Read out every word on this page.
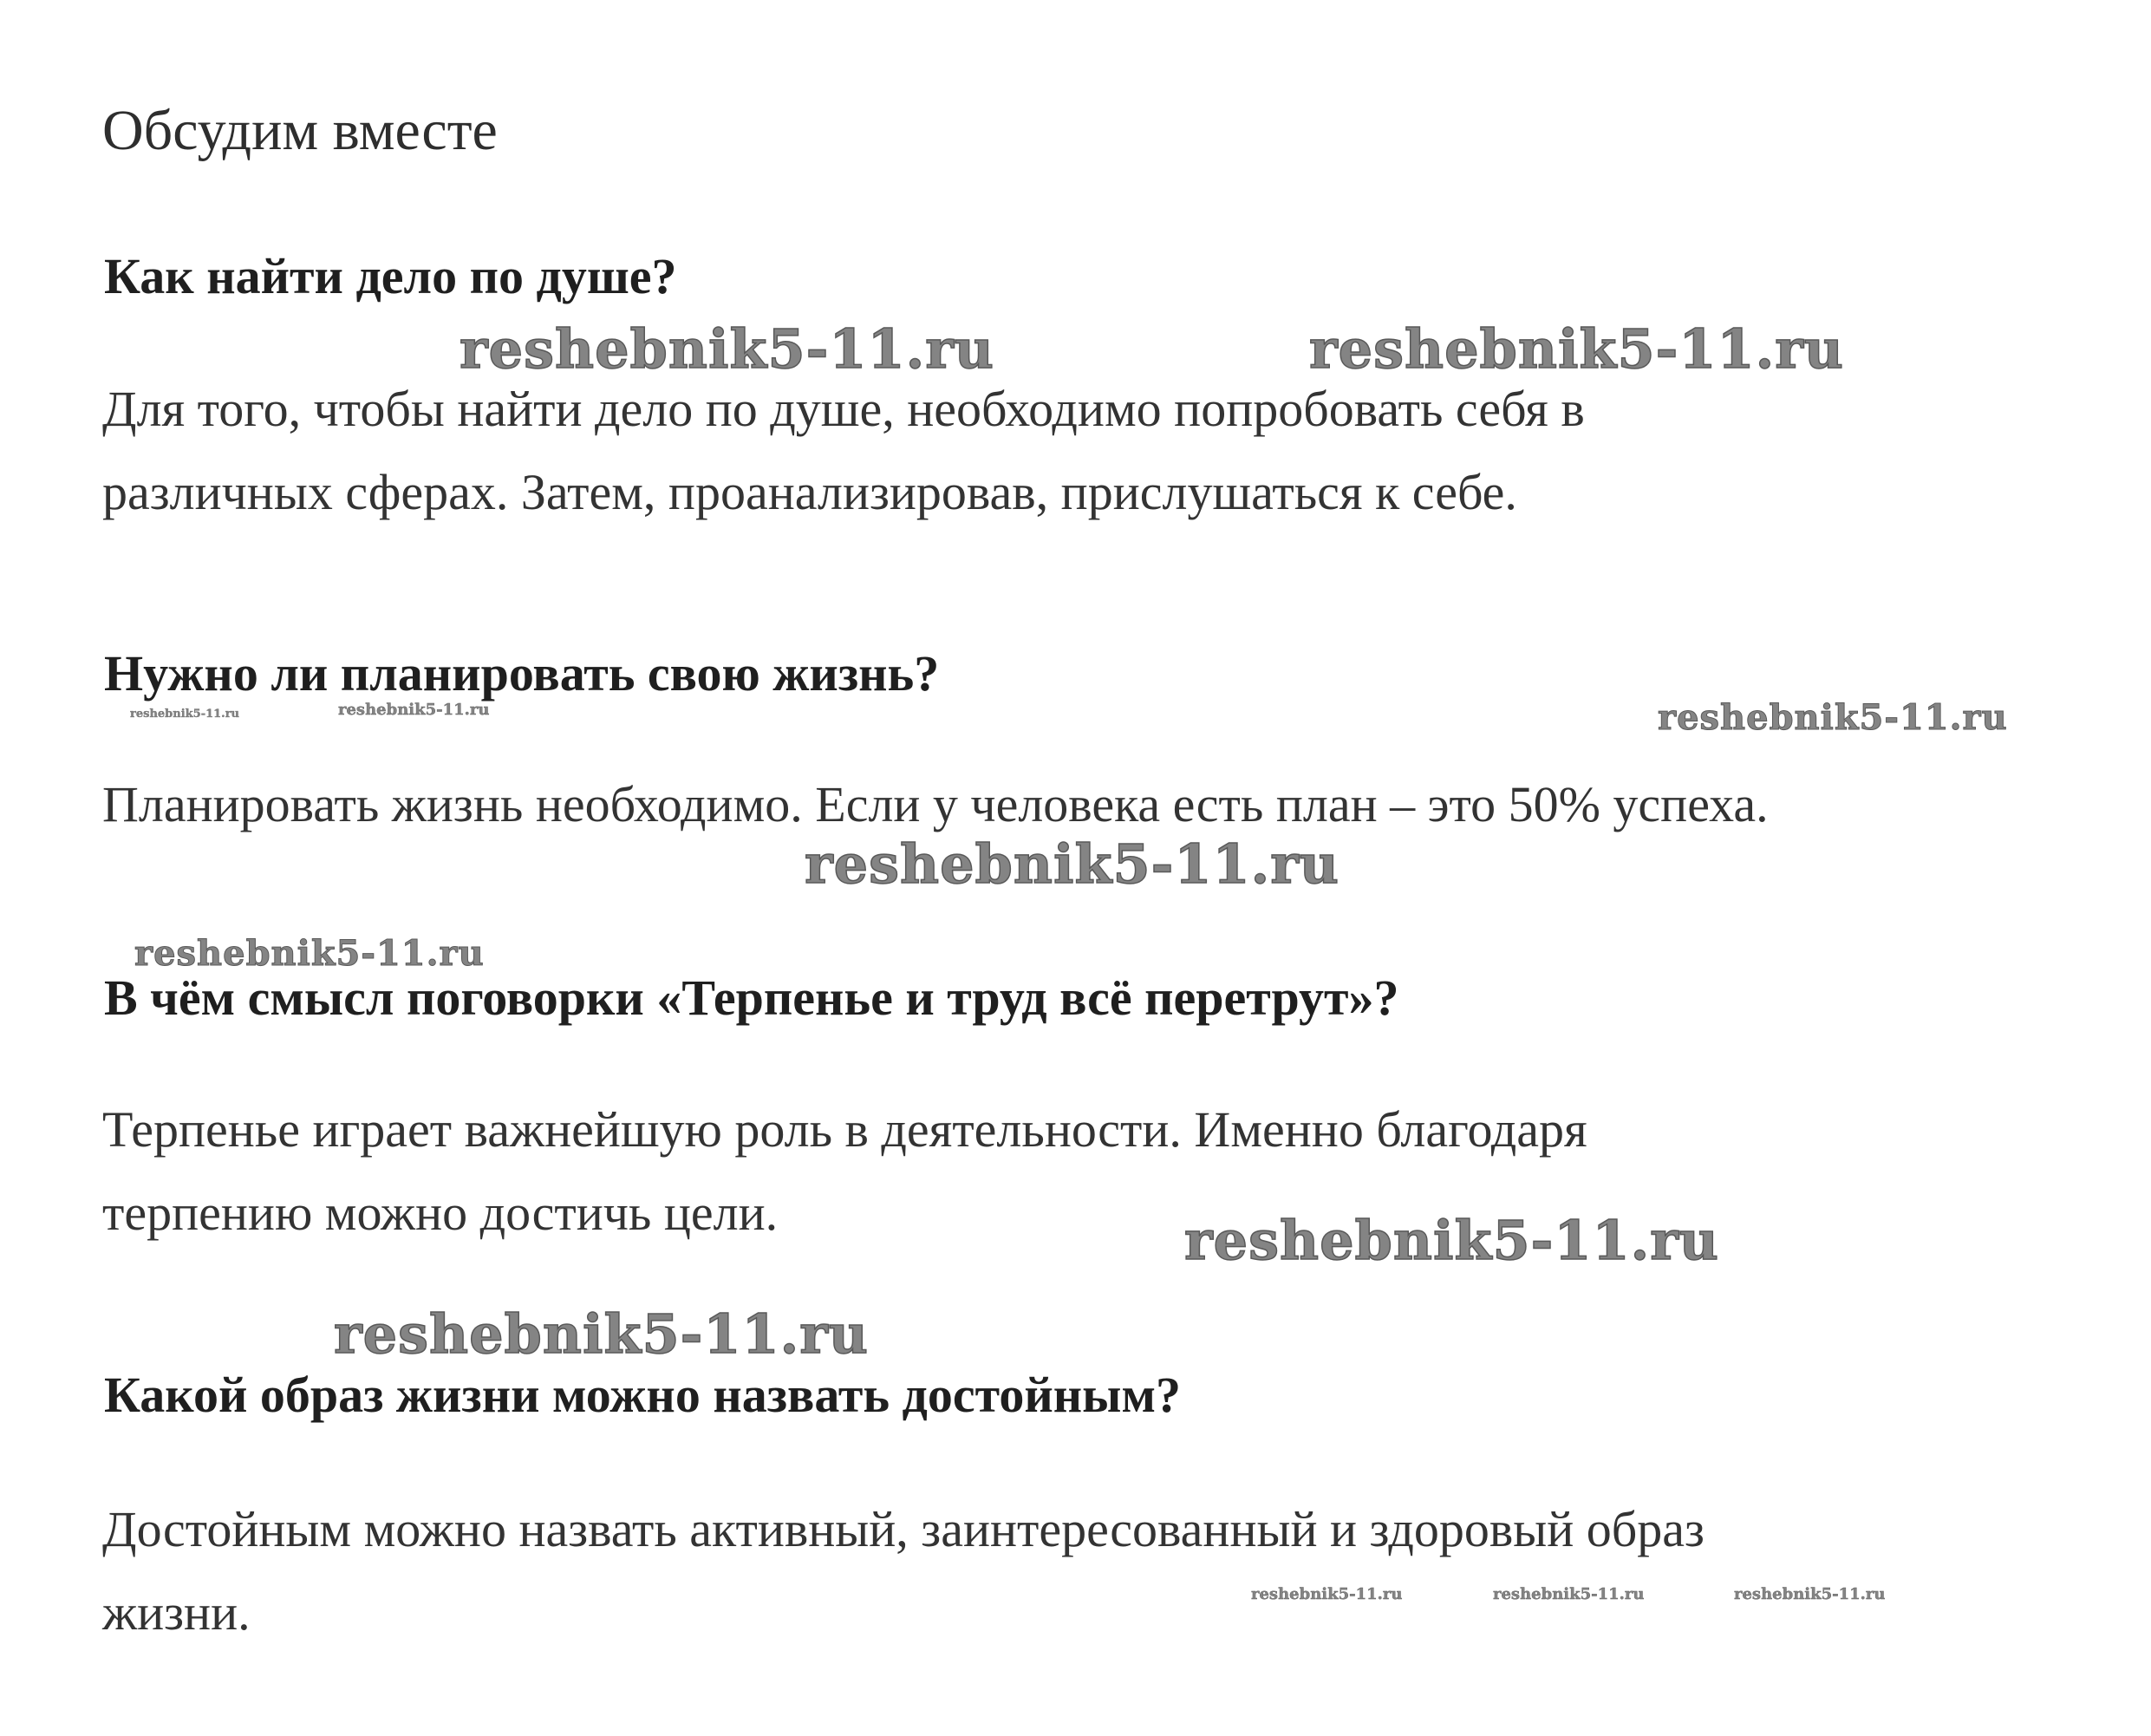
Обсудим вместе
Как найти дело по душе?

Для того, чтобы найти дело по душе, необходимо попробовать себя в

различных сферах. Затем, проанализировав, прислушаться к себе.

Нужно ли планировать свою жизнь?

Планировать жизнь необходимо. Если у человека есть план – это 50% успеха.

В чём смысл поговорки «Терпенье и труд всё перетрут»?

Терпенье играет важнейшую роль в деятельности. Именно благодаря

терпению можно достичь цели.

Какой образ жизни можно назвать достойным?

Достойным можно назвать активный, заинтересованный и здоровый образ

жизни.

reshebnik5-11.ru	reshebnik5-11.ru
reshebnik5-11.ru	reshebnik5-11.ru	reshebnik5-11.ru
reshebnik5-11.ru
reshebnik5-11.ru
reshebnik5-11.ru
reshebnik5-11.ru
reshebnik5-11.ru	reshebnik5-11.ru	reshebnik5-11.ru
